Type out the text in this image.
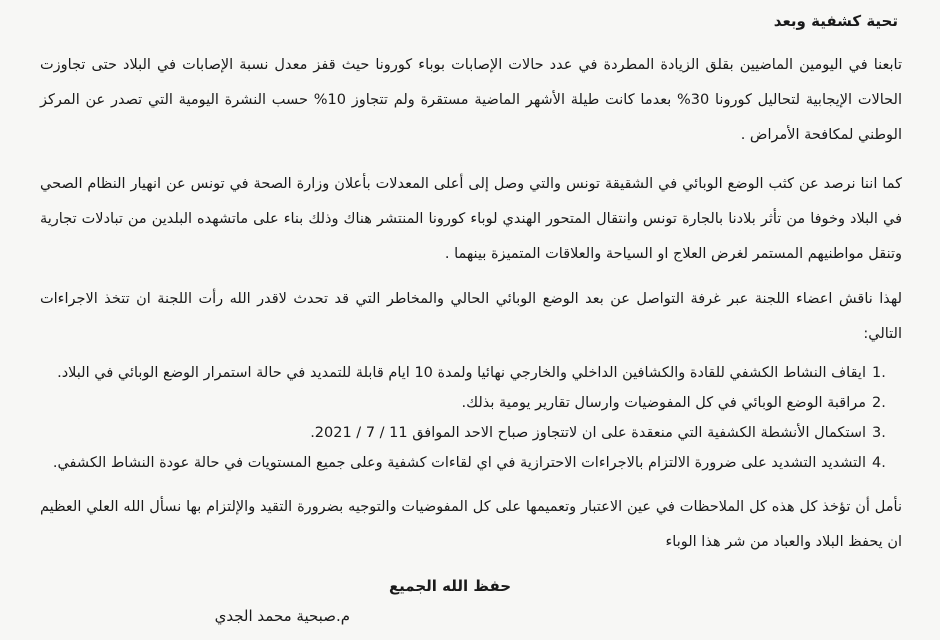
تحية كشفية وبعد

تابعنا في اليومين الماضيين بقلق الزيادة المطردة في عدد حالات الإصابات بوباء كورونا حيث قفز معدل نسبة الإصابات في البلاد حتى تجاوزت الحالات الإيجابية لتحاليل كورونا 30% بعدما كانت طيلة الأشهر الماضية مستقرة ولم تتجاوز 10% حسب النشرة اليومية التي تصدر عن المركز الوطني لمكافحة الأمراض .

كما اننا نرصد عن كثب الوضع الوبائي في الشقيقة تونس والتي وصل إلى أعلى المعدلات بأعلان وزارة الصحة في تونس عن انهيار النظام الصحي في البلاد وخوفا من تأثر بلادنا بالجارة تونس وانتقال المتحور الهندي لوباء كورونا المنتشر هناك وذلك بناء على ماتشهده البلدين من تبادلات تجارية وتنقل مواطنيهم المستمر لغرض العلاج او السياحة والعلاقات المتميزة بينهما .

لهذا ناقش اعضاء اللجنة عبر غرفة التواصل عن بعد الوضع الوبائي الحالي والمخاطر التي قد تحدث لاقدر الله رأت اللجنة ان تتخذ الاجراءات التالي:

1.
ايقاف النشاط الكشفي للقادة والكشافين الداخلي والخارجي نهائيا ولمدة 10 ايام قابلة للتمديد في حالة استمرار الوضع الوبائي في البلاد.
2.
مراقبة الوضع الوبائي في كل المفوضيات وارسال تقارير يومية بذلك.
3.
استكمال الأنشطة الكشفية التي منعقدة على ان لاتتجاوز صباح الاحد الموافق 11 / 7 / 2021.
4.
التشديد التشديد على ضرورة الالتزام بالاجراءات الاحترازية في اي لقاءات كشفية وعلى جميع المستويات في حالة عودة النشاط الكشفي.

نأمل أن تؤخذ كل هذه كل الملاحظات في عين الاعتبار وتعميمها على كل المفوضيات والتوجيه بضرورة التقيد والإلتزام بها نسأل الله العلي العظيم
ان يحفظ البلاد والعباد من شر هذا الوباء

حفظ الله الجميع
م.صبحية محمد الجدي
